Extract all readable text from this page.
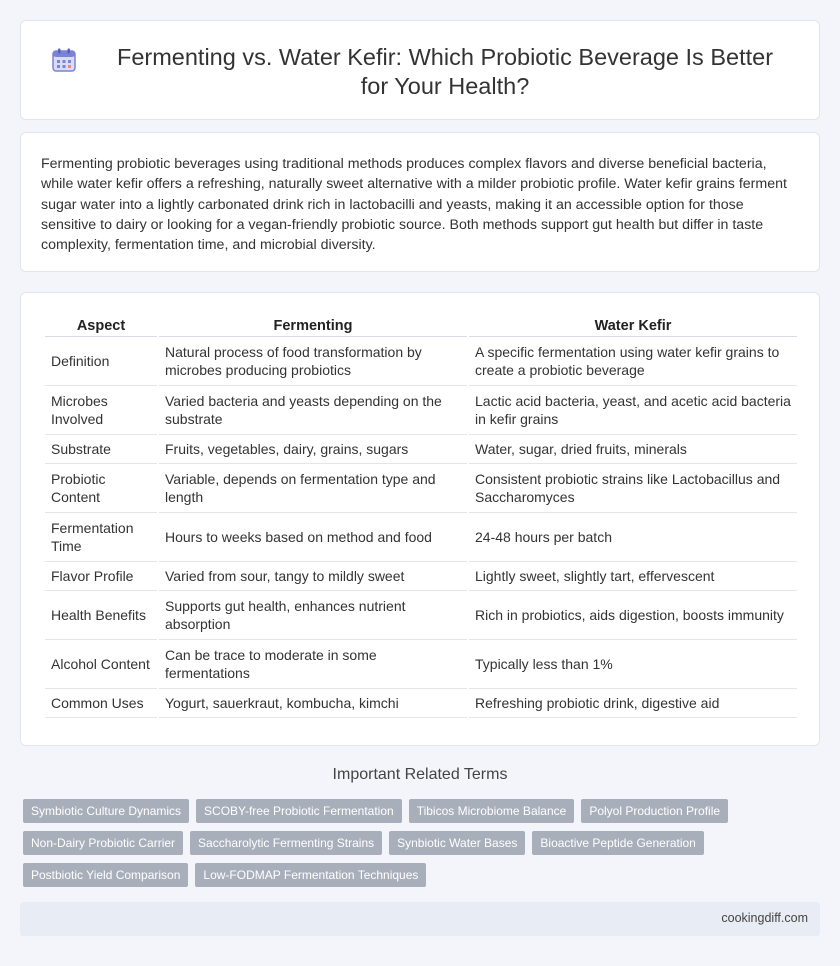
Fermenting vs. Water Kefir: Which Probiotic Beverage Is Better for Your Health?

Fermenting probiotic beverages using traditional methods produces complex flavors and diverse beneficial bacteria, while water kefir offers a refreshing, naturally sweet alternative with a milder probiotic profile. Water kefir grains ferment sugar water into a lightly carbonated drink rich in lactobacilli and yeasts, making it an accessible option for those sensitive to dairy or looking for a vegan-friendly probiotic source. Both methods support gut health but differ in taste complexity, fermentation time, and microbial diversity.

Aspect	Fermenting	Water Kefir
Definition	Natural process of food transformation by microbes producing probiotics	A specific fermentation using water kefir grains to create a probiotic beverage
Microbes Involved	Varied bacteria and yeasts depending on the substrate	Lactic acid bacteria, yeast, and acetic acid bacteria in kefir grains
Substrate	Fruits, vegetables, dairy, grains, sugars	Water, sugar, dried fruits, minerals
Probiotic Content	Variable, depends on fermentation type and length	Consistent probiotic strains like Lactobacillus and Saccharomyces
Fermentation Time	Hours to weeks based on method and food	24-48 hours per batch
Flavor Profile	Varied from sour, tangy to mildly sweet	Lightly sweet, slightly tart, effervescent
Health Benefits	Supports gut health, enhances nutrient absorption	Rich in probiotics, aids digestion, boosts immunity
Alcohol Content	Can be trace to moderate in some fermentations	Typically less than 1%
Common Uses	Yogurt, sauerkraut, kombucha, kimchi	Refreshing probiotic drink, digestive aid
Important Related Terms
Symbiotic Culture Dynamics	SCOBY-free Probiotic Fermentation	Tibicos Microbiome Balance	Polyol Production Profile
Non-Dairy Probiotic Carrier	Saccharolytic Fermenting Strains	Synbiotic Water Bases	Bioactive Peptide Generation
Postbiotic Yield Comparison	Low-FODMAP Fermentation Techniques
cookingdiff.com
